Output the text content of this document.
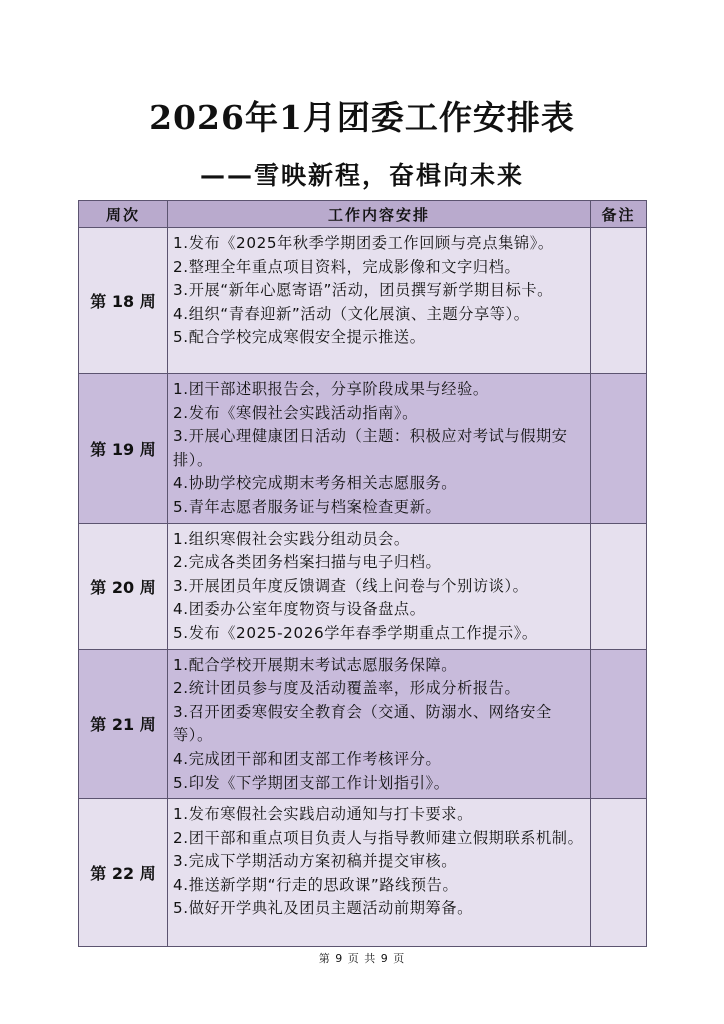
2026年1月团委工作安排表
——雪映新程，奋楫向未来
周次	工作内容安排	备注
第 18 周	1.发布《2025年秋季学期团委工作回顾与亮点集锦》。
2.整理全年重点项目资料，完成影像和文字归档。
3.开展“新年心愿寄语”活动，团员撰写新学期目标卡。
4.组织“青春迎新”活动（文化展演、主题分享等）。
5.配合学校完成寒假安全提示推送。	

第 19 周	1.团干部述职报告会，分享阶段成果与经验。
2.发布《寒假社会实践活动指南》。
3.开展心理健康团日活动（主题：积极应对考试与假期安排）。
4.协助学校完成期末考务相关志愿服务。
5.青年志愿者服务证与档案检查更新。	

第 20 周	1.组织寒假社会实践分组动员会。
2.完成各类团务档案扫描与电子归档。
3.开展团员年度反馈调查（线上问卷与个别访谈）。
4.团委办公室年度物资与设备盘点。
5.发布《2025-2026学年春季学期重点工作提示》。	

第 21 周	1.配合学校开展期末考试志愿服务保障。
2.统计团员参与度及活动覆盖率，形成分析报告。
3.召开团委寒假安全教育会（交通、防溺水、网络安全等）。
4.完成团干部和团支部工作考核评分。
5.印发《下学期团支部工作计划指引》。	

第 22 周	1.发布寒假社会实践启动通知与打卡要求。
2.团干部和重点项目负责人与指导教师建立假期联系机制。
3.完成下学期活动方案初稿并提交审核。
4.推送新学期“行走的思政课”路线预告。
5.做好开学典礼及团员主题活动前期筹备。	

第 9 页 共 9 页
